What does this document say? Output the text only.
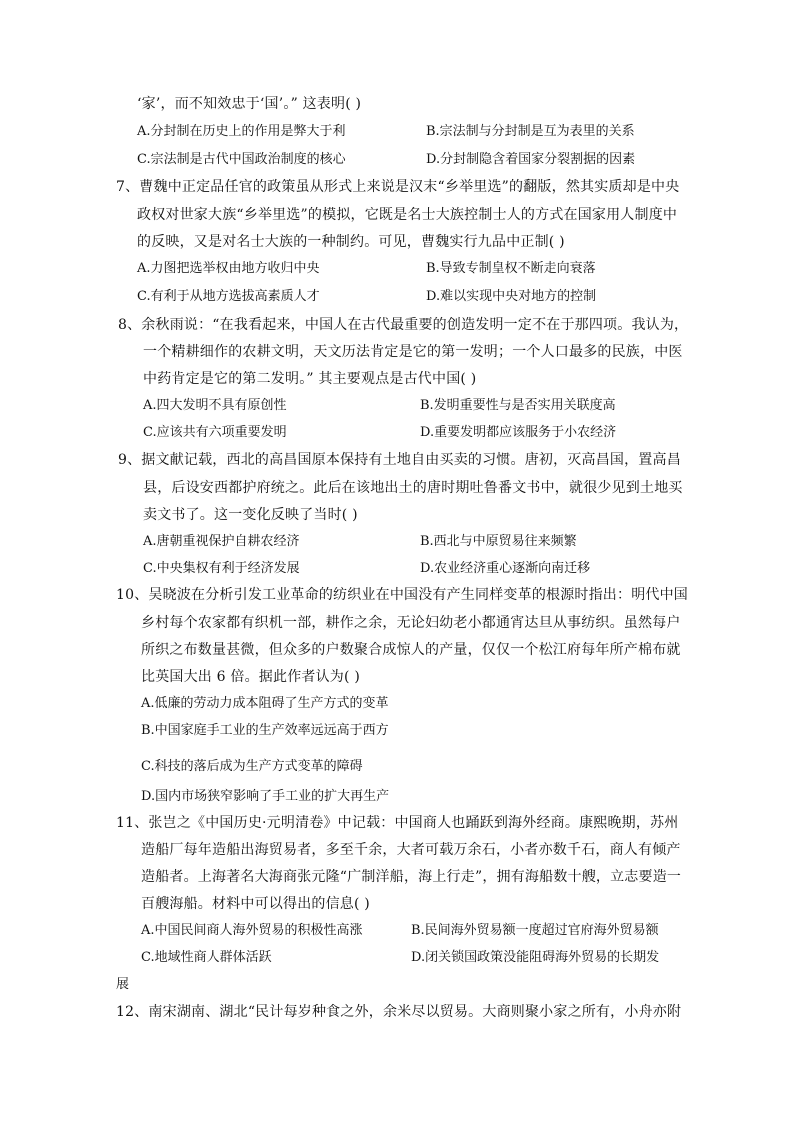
‘家’，而不知效忠于‘国’。” 这表明( )
A.分封制在历史上的作用是弊大于利	B.宗法制与分封制是互为表里的关系
C.宗法制是古代中国政治制度的核心	D.分封制隐含着国家分裂割据的因素
7、曹魏中正定品任官的政策虽从形式上来说是汉末“乡举里选”的翻版，然其实质却是中央
政权对世家大族“乡举里选”的模拟，它既是名士大族控制士人的方式在国家用人制度中
的反映，又是对名士大族的一种制约。可见，曹魏实行九品中正制( )
A.力图把选举权由地方收归中央	B.导致专制皇权不断走向衰落
C.有利于从地方选拔高素质人才	D.难以实现中央对地方的控制
8、余秋雨说：“在我看起来，中国人在古代最重要的创造发明一定不在于那四项。我认为，
一个精耕细作的农耕文明，天文历法肯定是它的第一发明；一个人口最多的民族，中医
中药肯定是它的第二发明。” 其主要观点是古代中国( )
A.四大发明不具有原创性	B.发明重要性与是否实用关联度高
C.应该共有六项重要发明	D.重要发明都应该服务于小农经济
9、据文献记载，西北的高昌国原本保持有土地自由买卖的习惯。唐初，灭高昌国，置高昌
县，后设安西都护府统之。此后在该地出土的唐时期吐鲁番文书中，就很少见到土地买
卖文书了。这一变化反映了当时( )
A.唐朝重视保护自耕农经济	B.西北与中原贸易往来频繁
C.中央集权有利于经济发展	D.农业经济重心逐渐向南迁移
10、吴晓波在分析引发工业革命的纺织业在中国没有产生同样变革的根源时指出：明代中国
乡村每个农家都有织机一部，耕作之余，无论妇幼老小都通宵达旦从事纺织。虽然每户
所织之布数量甚微，但众多的户数聚合成惊人的产量，仅仅一个松江府每年所产棉布就
比英国大出 6 倍。据此作者认为( )
A.低廉的劳动力成本阻碍了生产方式的变革
B.中国家庭手工业的生产效率远远高于西方
C.科技的落后成为生产方式变革的障碍
D.国内市场狭窄影响了手工业的扩大再生产
11、张岂之《中国历史·元明清卷》中记载：中国商人也踊跃到海外经商。康熙晚期，苏州
造船厂每年造船出海贸易者，多至千余，大者可载万余石，小者亦数千石，商人有倾产
造船者。上海著名大海商张元隆“广制洋船，海上行走”，拥有海船数十艘，立志要造一
百艘海船。材料中可以得出的信息( )
A.中国民间商人海外贸易的积极性高涨	B.民间海外贸易额一度超过官府海外贸易额
C.地域性商人群体活跃	D.闭关锁国政策没能阻碍海外贸易的长期发
展
12、南宋湖南、湖北“民计每岁种食之外，余米尽以贸易。大商则聚小家之所有，小舟亦附
